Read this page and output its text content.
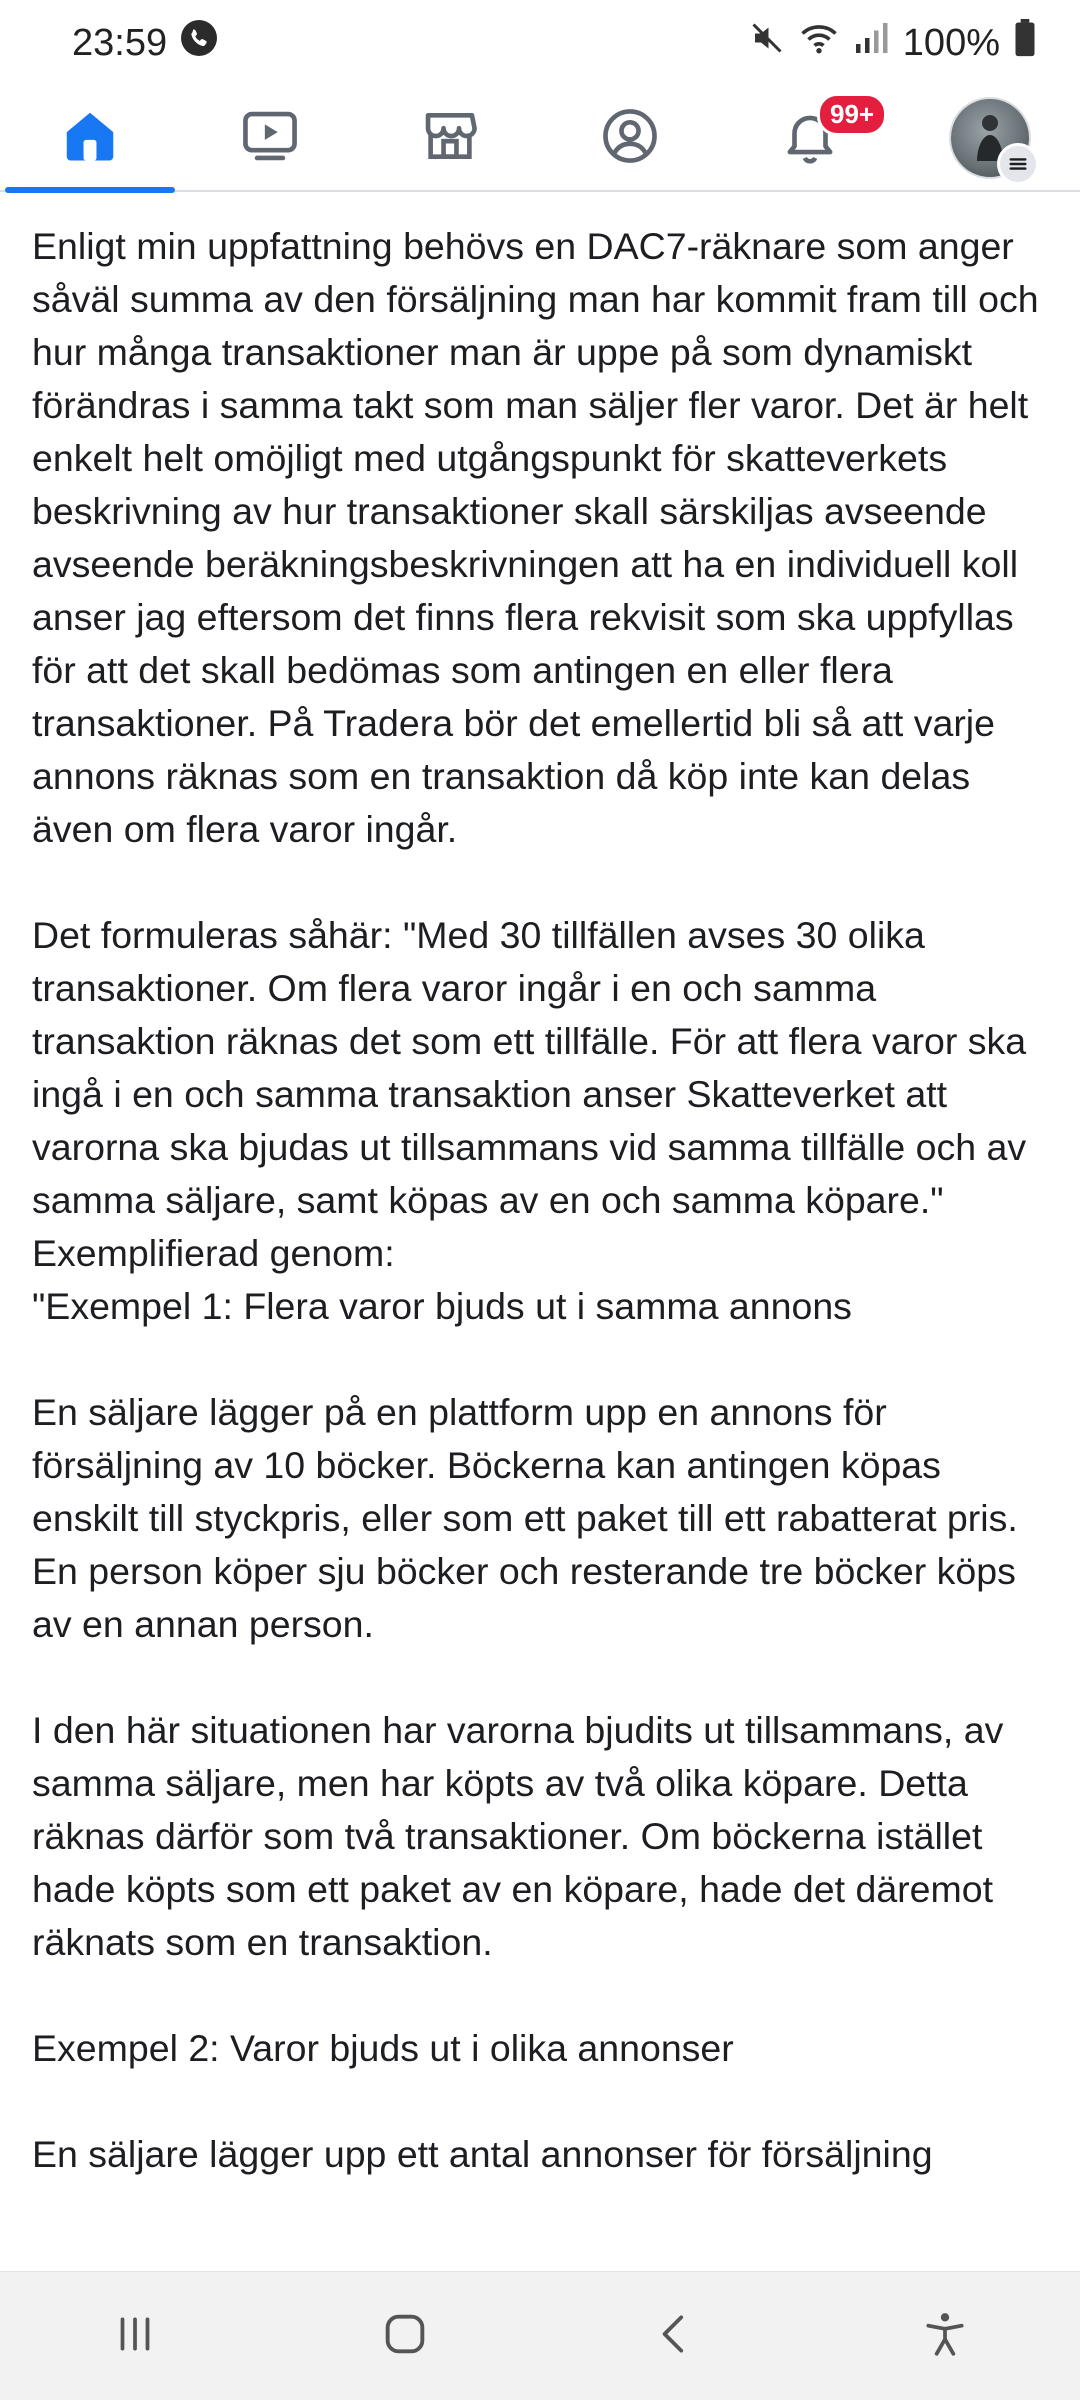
23:59	100%
99+

Enligt min uppfattning behövs en DAC7-räknare som anger såväl summa av den försäljning man har kommit fram till och hur många transaktioner man är uppe på som dynamiskt förändras i samma takt som man säljer fler varor. Det är helt enkelt helt omöjligt med utgångspunkt för skatteverkets beskrivning av hur transaktioner skall särskiljas avseende avseende beräkningsbeskrivningen att ha en individuell koll anser jag eftersom det finns flera rekvisit som ska uppfyllas för att det skall bedömas som antingen en eller flera transaktioner. På Tradera bör det emellertid bli så att varje annons räknas som en transaktion då köp inte kan delas även om flera varor ingår.

Det formuleras såhär: "Med 30 tillfällen avses 30 olika transaktioner. Om flera varor ingår i en och samma transaktion räknas det som ett tillfälle. För att flera varor ska ingå i en och samma transaktion anser Skatteverket att varorna ska bjudas ut tillsammans vid samma tillfälle och av samma säljare, samt köpas av en och samma köpare."
Exemplifierad genom:
"Exempel 1: Flera varor bjuds ut i samma annons

En säljare lägger på en plattform upp en annons för försäljning av 10 böcker. Böckerna kan antingen köpas enskilt till styckpris, eller som ett paket till ett rabatterat pris. En person köper sju böcker och resterande tre böcker köps av en annan person.

I den här situationen har varorna bjudits ut tillsammans, av samma säljare, men har köpts av två olika köpare. Detta räknas därför som två transaktioner. Om böckerna istället hade köpts som ett paket av en köpare, hade det däremot räknats som en transaktion.

Exempel 2: Varor bjuds ut i olika annonser

En säljare lägger upp ett antal annonser för försäljning
